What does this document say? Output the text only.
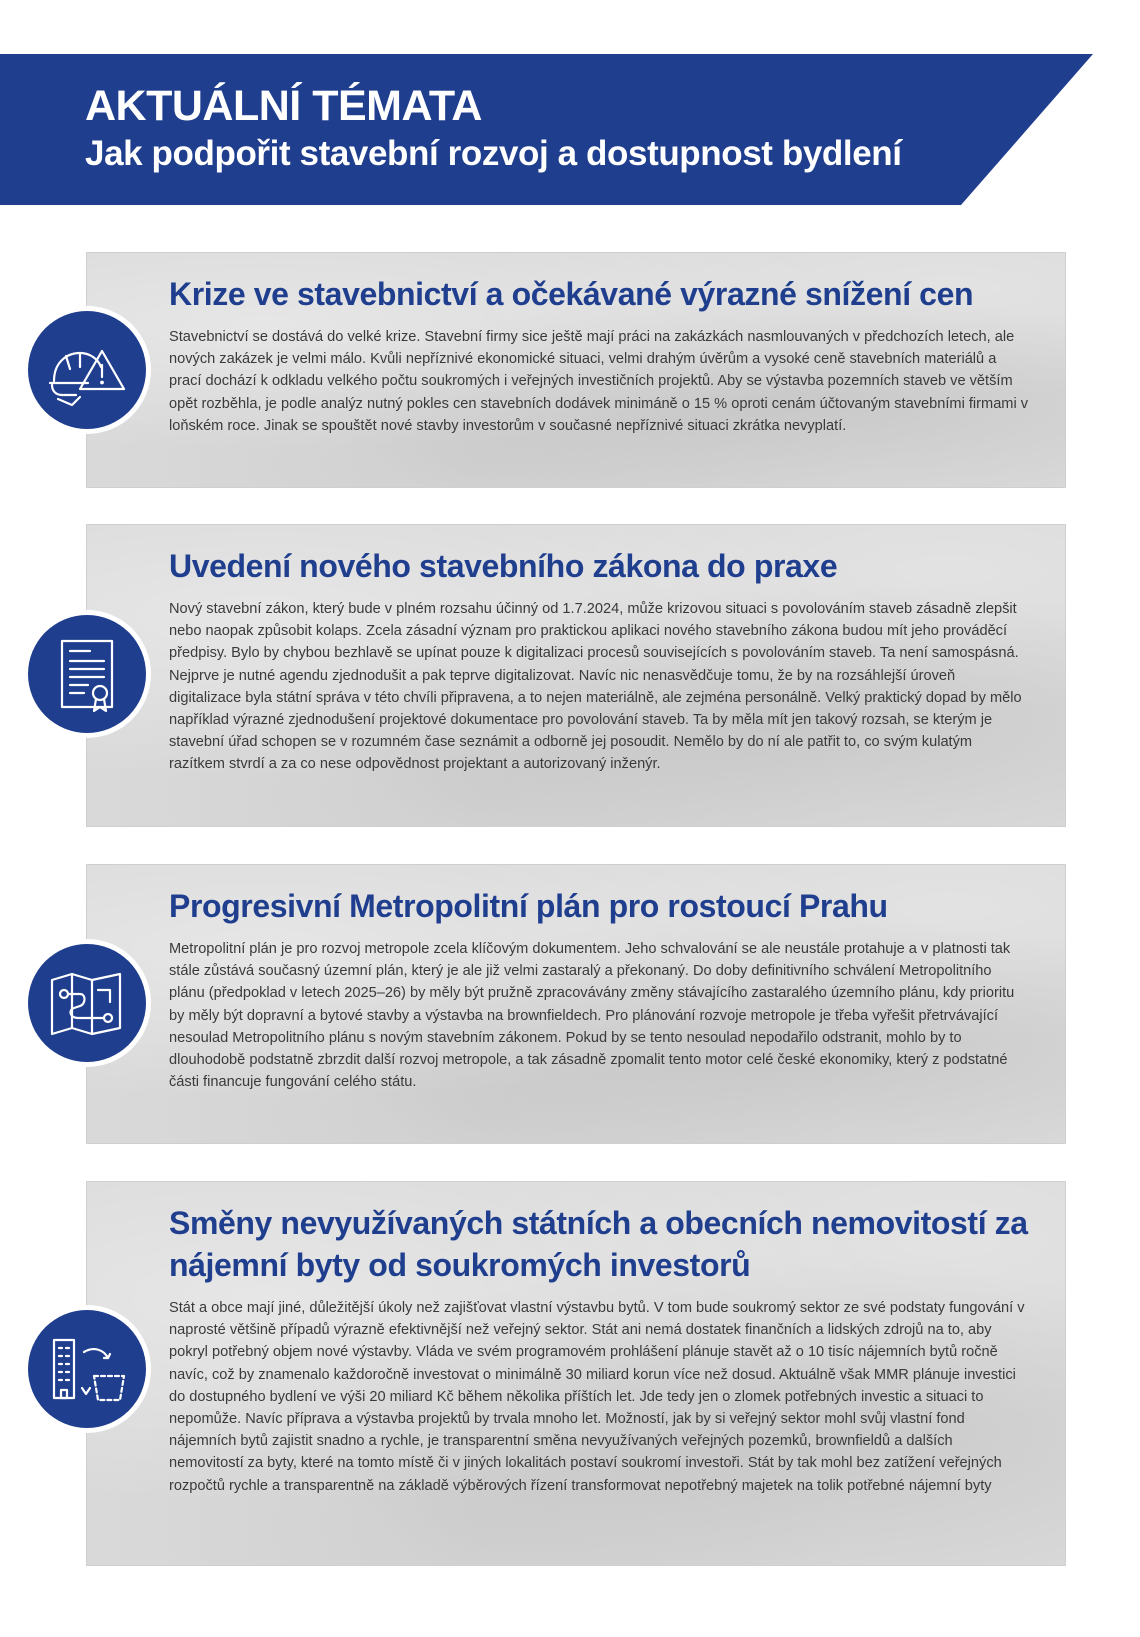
AKTUÁLNÍ TÉMATA
Jak podpořit stavební rozvoj a dostupnost bydlení
Krize ve stavebnictví a očekávané výrazné snížení cen

Stavebnictví se dostává do velké krize. Stavební firmy sice ještě mají práci na zakázkách nasmlouvaných v předchozích letech, ale nových zakázek je velmi málo. Kvůli nepříznivé ekonomické situaci, velmi drahým úvěrům a vysoké ceně stavebních materiálů a prací dochází k odkladu velkého počtu soukromých i veřejných investičních projektů. Aby se výstavba pozemních staveb ve větším opět rozběhla, je podle analýz nutný pokles cen stavebních dodávek minimáně o 15 % oproti cenám účtovaným stavebními firmami v loňském roce. Jinak se spouštět nové stavby investorům v současné nepříznivé situaci zkrátka nevyplatí.

Uvedení nového stavebního zákona do praxe

Nový stavební zákon, který bude v plném rozsahu účinný od 1.7.2024, může krizovou situaci s povolováním staveb zásadně zlepšit nebo naopak způsobit kolaps. Zcela zásadní význam pro praktickou aplikaci nového stavebního zákona budou mít jeho prováděcí předpisy. Bylo by chybou bezhlavě se upínat pouze k digitalizaci procesů souvisejících s povolováním staveb. Ta není samospásná. Nejprve je nutné agendu zjednodušit a pak teprve digitalizovat. Navíc nic nenasvědčuje tomu, že by na rozsáhlejší úroveň digitalizace byla státní správa v této chvíli připravena, a to nejen materiálně, ale zejména personálně. Velký praktický dopad by mělo například výrazné zjednodušení projektové dokumentace pro povolování staveb. Ta by měla mít jen takový rozsah, se kterým je stavební úřad schopen se v rozumném čase seznámit a odborně jej posoudit. Nemělo by do ní ale patřit to, co svým kulatým razítkem stvrdí a za co nese odpovědnost projektant a autorizovaný inženýr.

Progresivní Metropolitní plán pro rostoucí Prahu

Metropolitní plán je pro rozvoj metropole zcela klíčovým dokumentem. Jeho schvalování se ale neustále protahuje a v platnosti tak stále zůstává současný územní plán, který je ale již velmi zastaralý a překonaný. Do doby definitivního schválení Metropolitního plánu (předpoklad v letech 2025–26) by měly být pružně zpracovávány změny stávajícího zastaralého územního plánu, kdy prioritu by měly být dopravní a bytové stavby a výstavba na brownfieldech. Pro plánování rozvoje metropole je třeba vyřešit přetrvávající nesoulad Metropolitního plánu s novým stavebním zákonem. Pokud by se tento nesoulad nepodařilo odstranit, mohlo by to dlouhodobě podstatně zbrzdit další rozvoj metropole, a tak zásadně zpomalit tento motor celé české ekonomiky, který z podstatné části financuje fungování celého státu.

Směny nevyužívaných státních a obecních nemovitostí za nájemní byty od soukromých investorů

Stát a obce mají jiné, důležitější úkoly než zajišťovat vlastní výstavbu bytů. V tom bude soukromý sektor ze své podstaty fungování v naprosté většině případů výrazně efektivnější než veřejný sektor. Stát ani nemá dostatek finančních a lidských zdrojů na to, aby pokryl potřebný objem nové výstavby. Vláda ve svém programovém prohlášení plánuje stavět až o 10 tisíc nájemních bytů ročně navíc, což by znamenalo každoročně investovat o minimálně 30 miliard korun více než dosud. Aktuálně však MMR plánuje investici do dostupného bydlení ve výši 20 miliard Kč během několika příštích let. Jde tedy jen o zlomek potřebných investic a situaci to nepomůže. Navíc příprava a výstavba projektů by trvala mnoho let. Možností, jak by si veřejný sektor mohl svůj vlastní fond nájemních bytů zajistit snadno a rychle, je transparentní směna nevyužívaných veřejných pozemků, brownfieldů a dalších nemovitostí za byty, které na tomto místě či v jiných lokalitách postaví soukromí investoři. Stát by tak mohl bez zatížení veřejných rozpočtů rychle a transparentně na základě výběrových řízení transformovat nepotřebný majetek na tolik potřebné nájemní byty
